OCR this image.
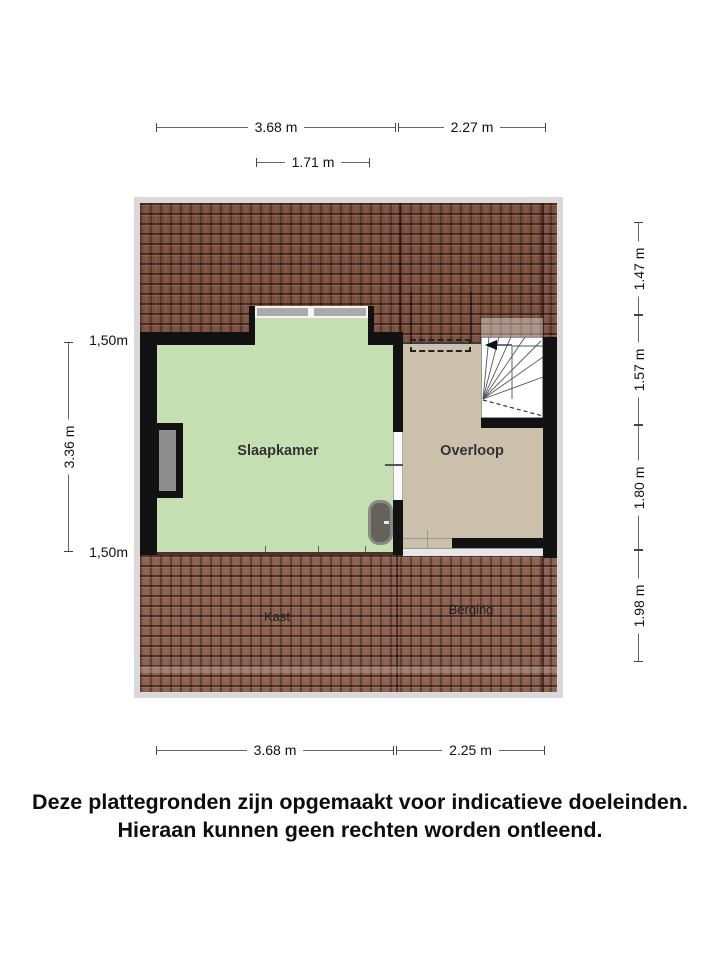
3.68 m	2.27 m
1.71 m
3.68 m	2.25 m
1,50m
1,50m
3.36 m
1.47 m
1.57 m
1.80 m
1.98 m
Slaapkamer	Overloop
Kast	Berging
Deze plattegronden zijn opgemaakt voor indicatieve doeleinden.
Hieraan kunnen geen rechten worden ontleend.
